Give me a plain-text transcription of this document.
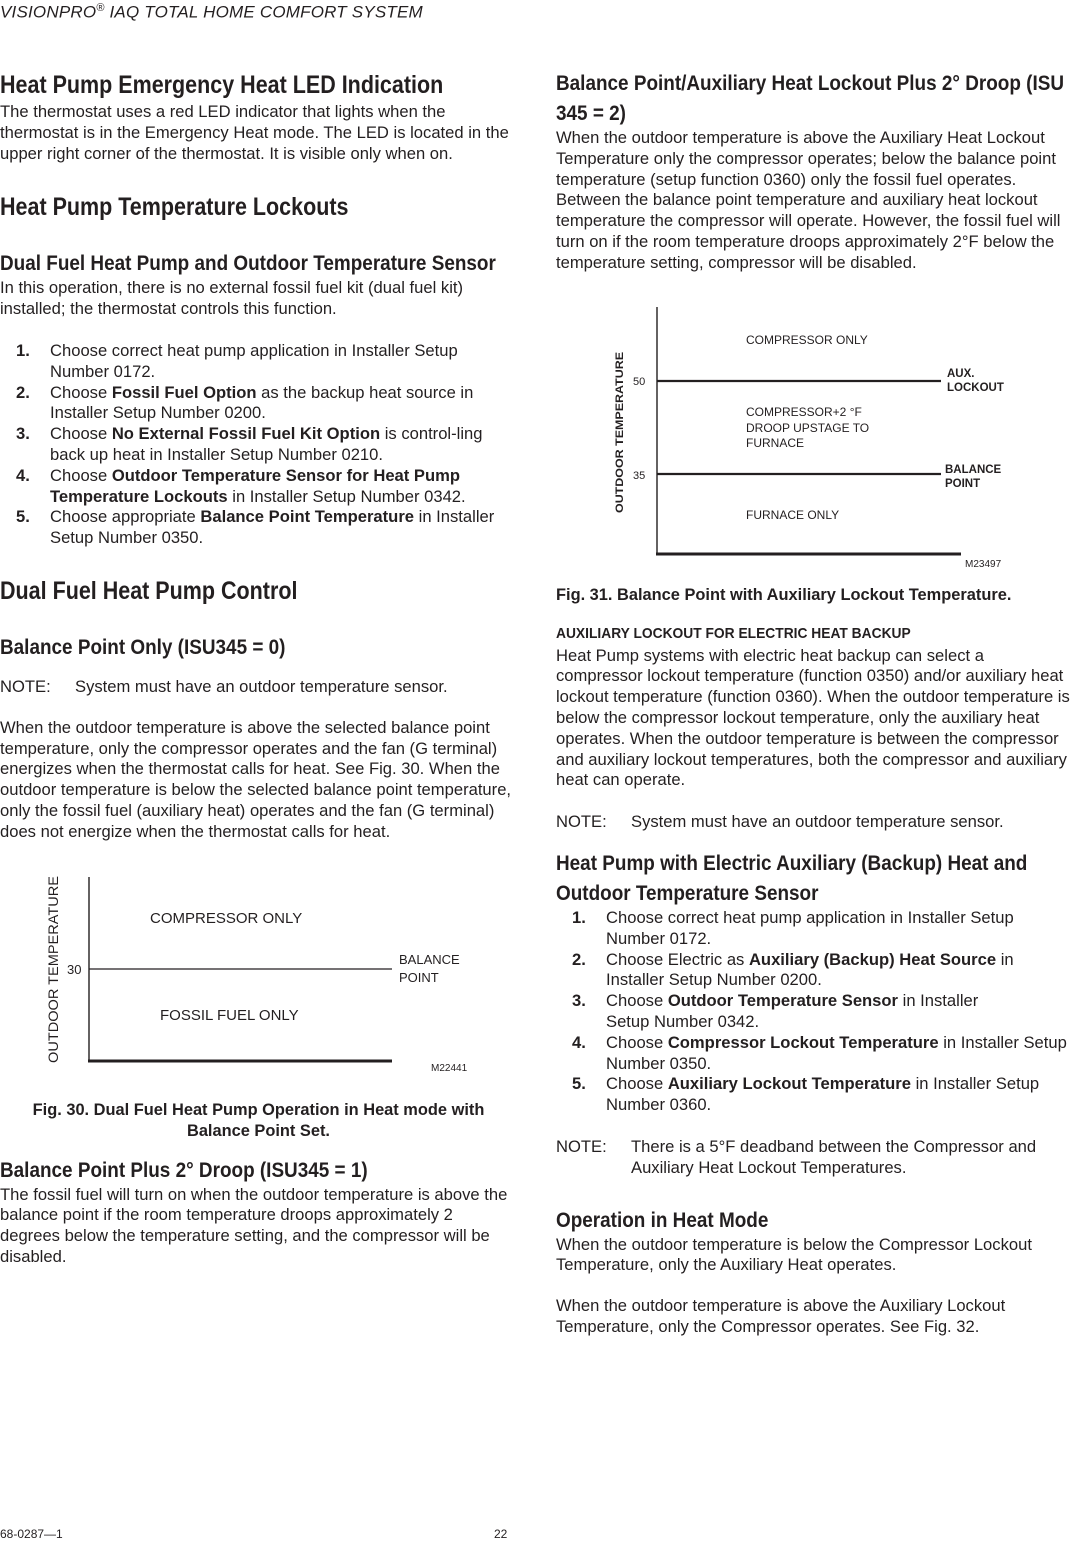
VISIONPRO® IAQ TOTAL HOME COMFORT SYSTEM
Heat Pump Emergency Heat LED Indication

The thermostat uses a red LED indicator that lights when the thermostat is in the Emergency Heat mode. The LED is located in the upper right corner of the thermostat. It is visible only when on.

Heat Pump Temperature Lockouts
Dual Fuel Heat Pump and Outdoor Temperature Sensor

In this operation, there is no external fossil fuel kit (dual fuel kit) installed; the thermostat controls this function.

1.	Choose correct heat pump application in Installer Setup Number 0172.
2.	Choose Fossil Fuel Option as the backup heat source in Installer Setup Number 0200.
3.	Choose No External Fossil Fuel Kit Option is control-ling back up heat in Installer Setup Number 0210.
4.	Choose Outdoor Temperature Sensor for Heat Pump Temperature Lockouts in Installer Setup Number 0342.
5.	Choose appropriate Balance Point Temperature in Installer Setup Number 0350.
Dual Fuel Heat Pump Control
Balance Point Only (ISU345 = 0)
NOTE:	System must have an outdoor temperature sensor.

When the outdoor temperature is above the selected balance point temperature, only the compressor operates and the fan (G terminal) energizes when the thermostat calls for heat. See Fig. 30. When the outdoor temperature is below the selected balance point temperature, only the fossil fuel (auxiliary heat) operates and the fan (G terminal) does not energize when the thermostat calls for heat.

OUTDOOR TEMPERATURE 30
COMPRESSOR ONLY
FOSSIL FUEL ONLY
BALANCE
POINT
M22441
Fig. 30. Dual Fuel Heat Pump Operation in Heat mode with Balance Point Set.
Balance Point Plus 2° Droop (ISU345 = 1)

The fossil fuel will turn on when the outdoor temperature is above the balance point if the room temperature droops approximately 2 degrees below the temperature setting, and the compressor will be disabled.

Balance Point/Auxiliary Heat Lockout Plus 2° Droop (ISU 345 = 2)

When the outdoor temperature is above the Auxiliary Heat Lockout Temperature only the compressor operates; below the balance point temperature (setup function 0360) only the fossil fuel operates. Between the balance point temperature and auxiliary heat lockout temperature the compressor will operate. However, the fossil fuel will turn on if the room temperature droops approximately 2°F below the temperature setting, compressor will be disabled.

OUTDOOR TEMPERATURE 50
35
COMPRESSOR ONLY
COMPRESSOR+2 °F
DROOP UPSTAGE TO
FURNACE
FURNACE ONLY
AUX.
LOCKOUT
BALANCE
POINT
M23497
Fig. 31. Balance Point with Auxiliary Lockout Temperature.
AUXILIARY LOCKOUT FOR ELECTRIC HEAT BACKUP

Heat Pump systems with electric heat backup can select a compressor lockout temperature (function 0350) and/or auxiliary heat lockout temperature (function 0360). When the outdoor temperature is below the compressor lockout temperature, only the auxiliary heat operates. When the outdoor temperature is between the compressor and auxiliary lockout temperatures, both the compressor and auxiliary heat can operate.

NOTE:	System must have an outdoor temperature sensor.
Heat Pump with Electric Auxiliary (Backup) Heat and Outdoor Temperature Sensor
1.	Choose correct heat pump application in Installer Setup Number 0172.
2.	Choose Electric as Auxiliary (Backup) Heat Source in Installer Setup Number 0200.
3.	Choose Outdoor Temperature Sensor in Installer Setup Number 0342.
4.	Choose Compressor Lockout Temperature in Installer Setup Number 0350.
5.	Choose Auxiliary Lockout Temperature in Installer Setup Number 0360.
NOTE:	There is a 5°F deadband between the Compressor and Auxiliary Heat Lockout Temperatures.
Operation in Heat Mode

When the outdoor temperature is below the Compressor Lockout Temperature, only the Auxiliary Heat operates.

When the outdoor temperature is above the Auxiliary Lockout Temperature, only the Compressor operates. See Fig. 32.

68-0287—1	22
